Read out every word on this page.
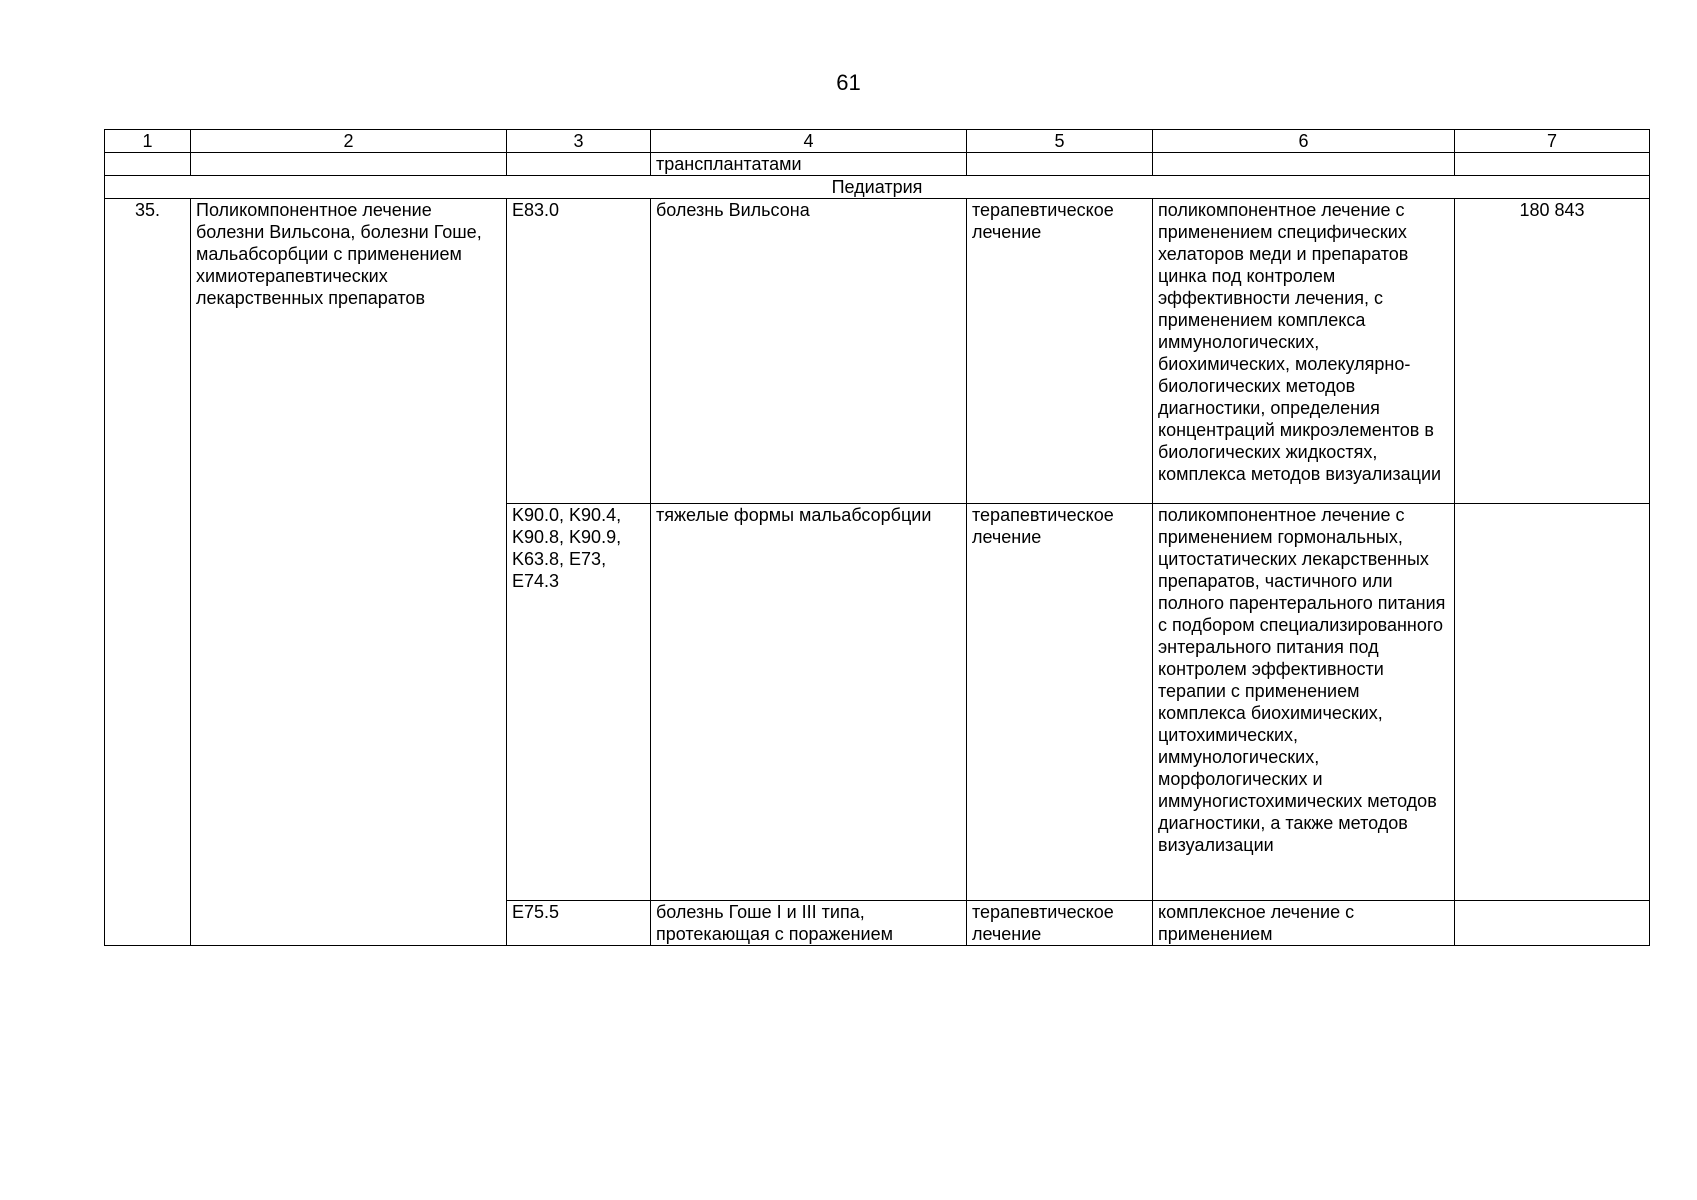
61
1	2	3	4	5	6	7
			трансплантатами			
Педиатрия						
35.	Поликомпонентное лечение болезни Вильсона, болезни Гоше, мальабсорбции с применением химиотерапевтических лекарственных препаратов	E83.0	болезнь Вильсона	терапевтическое лечение	поликомпонентное лечение с применением специфических хелаторов меди и препаратов цинка под контролем эффективности лечения, с применением комплекса иммунологических, биохимических, молекулярно-биологических методов диагностики, определения концентраций микроэлементов в биологических жидкостях, комплекса методов визуализации	180 843
		K90.0, K90.4, K90.8, K90.9, K63.8, E73, E74.3	тяжелые формы мальабсорбции	терапевтическое лечение	поликомпонентное лечение с применением гормональных, цитостатических лекарственных препаратов, частичного или полного парентерального питания с подбором специализированного энтерального питания под контролем эффективности терапии с применением комплекса биохимических, цитохимических, иммунологических, морфологических и иммуногистохимических методов диагностики, а также методов визуализации	
		E75.5	болезнь Гоше I и III типа, протекающая с поражением	терапевтическое лечение	комплексное лечение с применением	
